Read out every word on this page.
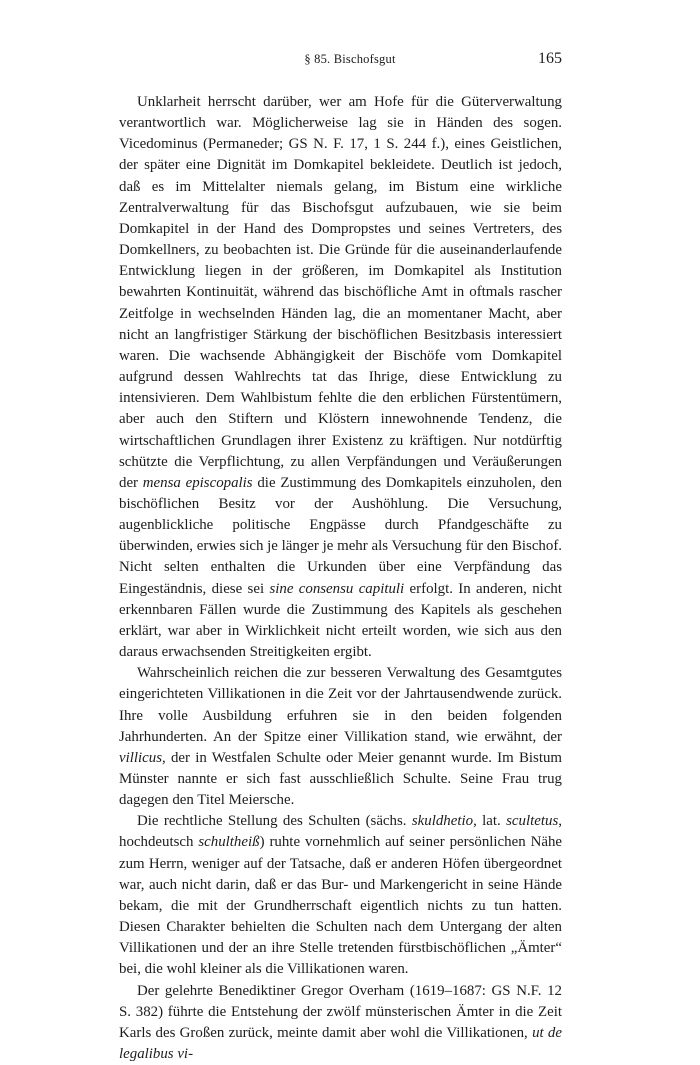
§ 85. Bischofsgut	165

Unklarheit herrscht darüber, wer am Hofe für die Güterverwaltung verantwortlich war. Möglicherweise lag sie in Händen des sogen. Vicedominus (Permaneder; GS N. F. 17, 1 S. 244 f.), eines Geistlichen, der später eine Dignität im Domkapitel bekleidete. Deutlich ist jedoch, daß es im Mittelalter niemals gelang, im Bistum eine wirkliche Zentralverwaltung für das Bischofsgut aufzubauen, wie sie beim Domkapitel in der Hand des Dompropstes und seines Vertreters, des Domkellners, zu beobachten ist. Die Gründe für die auseinanderlaufende Entwicklung liegen in der größeren, im Domkapitel als Institution bewahrten Kontinuität, während das bischöfliche Amt in oftmals rascher Zeitfolge in wechselnden Händen lag, die an momentaner Macht, aber nicht an langfristiger Stärkung der bischöflichen Besitzbasis interessiert waren. Die wachsende Abhängigkeit der Bischöfe vom Domkapitel aufgrund dessen Wahlrechts tat das Ihrige, diese Entwicklung zu intensivieren. Dem Wahlbistum fehlte die den erblichen Fürstentümern, aber auch den Stiftern und Klöstern innewohnende Tendenz, die wirtschaftlichen Grundlagen ihrer Existenz zu kräftigen. Nur notdürftig schützte die Verpflichtung, zu allen Verpfändungen und Veräußerungen der mensa episcopalis die Zustimmung des Domkapitels einzuholen, den bischöflichen Besitz vor der Aushöhlung. Die Versuchung, augenblickliche politische Engpässe durch Pfandgeschäfte zu überwinden, erwies sich je länger je mehr als Versuchung für den Bischof. Nicht selten enthalten die Urkunden über eine Verpfändung das Eingeständnis, diese sei sine consensu capituli erfolgt. In anderen, nicht erkennbaren Fällen wurde die Zustimmung des Kapitels als geschehen erklärt, war aber in Wirklichkeit nicht erteilt worden, wie sich aus den daraus erwachsenden Streitigkeiten ergibt.

Wahrscheinlich reichen die zur besseren Verwaltung des Gesamtgutes eingerichteten Villikationen in die Zeit vor der Jahrtausendwende zurück. Ihre volle Ausbildung erfuhren sie in den beiden folgenden Jahrhunderten. An der Spitze einer Villikation stand, wie erwähnt, der villicus, der in Westfalen Schulte oder Meier genannt wurde. Im Bistum Münster nannte er sich fast ausschließlich Schulte. Seine Frau trug dagegen den Titel Meiersche.

Die rechtliche Stellung des Schulten (sächs. skuldhetio, lat. scultetus, hochdeutsch schultheiß) ruhte vornehmlich auf seiner persönlichen Nähe zum Herrn, weniger auf der Tatsache, daß er anderen Höfen übergeordnet war, auch nicht darin, daß er das Bur- und Markengericht in seine Hände bekam, die mit der Grundherrschaft eigentlich nichts zu tun hatten. Diesen Charakter behielten die Schulten nach dem Untergang der alten Villikationen und der an ihre Stelle tretenden fürstbischöflichen „Ämter“ bei, die wohl kleiner als die Villikationen waren.

Der gelehrte Benediktiner Gregor Overham (1619–1687: GS N.F. 12 S. 382) führte die Entstehung der zwölf münsterischen Ämter in die Zeit Karls des Großen zurück, meinte damit aber wohl die Villikationen, ut de legalibus vi-
